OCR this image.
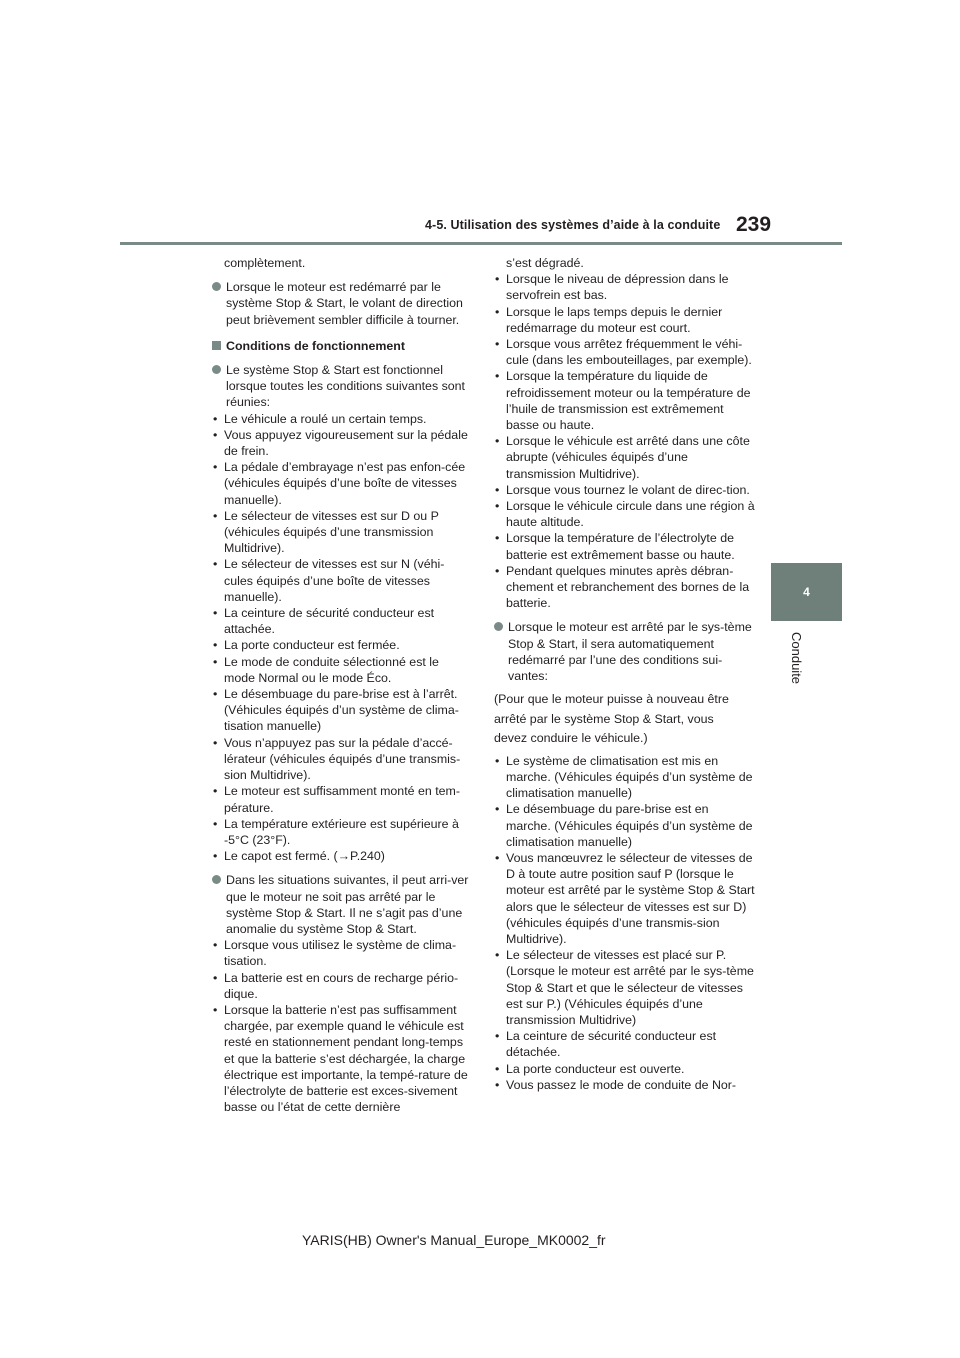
4-5. Utilisation des systèmes d’aide à la conduite 239
4
Conduite
complètement.
Lorsque le moteur est redémarré par le système Stop & Start, le volant de direction peut brièvement sembler difficile à tourner.
Conditions de fonctionnement
Le système Stop & Start est fonctionnel lorsque toutes les conditions suivantes sont réunies:
• Le véhicule a roulé un certain temps.
• Vous appuyez vigoureusement sur la pédale de frein.
• La pédale d’embrayage n’est pas enfon-cée (véhicules équipés d’une boîte de vitesses manuelle).
• Le sélecteur de vitesses est sur D ou P (véhicules équipés d’une transmission Multidrive).
• Le sélecteur de vitesses est sur N (véhi-cules équipés d’une boîte de vitesses manuelle).
• La ceinture de sécurité conducteur est attachée.
• La porte conducteur est fermée.
• Le mode de conduite sélectionné est le mode Normal ou le mode Éco.
• Le désembuage du pare-brise est à l’arrêt. (Véhicules équipés d’un système de clima-tisation manuelle)
• Vous n’appuyez pas sur la pédale d’accé-lérateur (véhicules équipés d’une transmis-sion Multidrive).
• Le moteur est suffisamment monté en tem-pérature.
• La température extérieure est supérieure à -5°C (23°F).
• Le capot est fermé. (→P.240)
Dans les situations suivantes, il peut arri-ver que le moteur ne soit pas arrêté par le système Stop & Start. Il ne s’agit pas d’une anomalie du système Stop & Start.
• Lorsque vous utilisez le système de clima-tisation.
• La batterie est en cours de recharge pério-dique.
• Lorsque la batterie n’est pas suffisamment chargée, par exemple quand le véhicule est resté en stationnement pendant long-temps et que la batterie s’est déchargée, la charge électrique est importante, la tempé-rature de l’électrolyte de batterie est exces-sivement basse ou l’état de cette dernière
s’est dégradé.
• Lorsque le niveau de dépression dans le servofrein est bas.
• Lorsque le laps temps depuis le dernier redémarrage du moteur est court.
• Lorsque vous arrêtez fréquemment le véhi-cule (dans les embouteillages, par exemple).
• Lorsque la température du liquide de refroidissement moteur ou la température de l’huile de transmission est extrêmement basse ou haute.
• Lorsque le véhicule est arrêté dans une côte abrupte (véhicules équipés d’une transmission Multidrive).
• Lorsque vous tournez le volant de direc-tion.
• Lorsque le véhicule circule dans une région à haute altitude.
• Lorsque la température de l’électrolyte de batterie est extrêmement basse ou haute.
• Pendant quelques minutes après débran-chement et rebranchement des bornes de la batterie.
Lorsque le moteur est arrêté par le sys-tème Stop & Start, il sera automatiquement redémarré par l’une des conditions sui-vantes:
(Pour que le moteur puisse à nouveau être
arrêté par le système Stop & Start, vous
devez conduire le véhicule.)
• Le système de climatisation est mis en marche. (Véhicules équipés d’un système de climatisation manuelle)
• Le désembuage du pare-brise est en marche. (Véhicules équipés d’un système de climatisation manuelle)
• Vous manœuvrez le sélecteur de vitesses de D à toute autre position sauf P (lorsque le moteur est arrêté par le système Stop & Start alors que le sélecteur de vitesses est sur D) (véhicules équipés d’une transmis-sion Multidrive).
• Le sélecteur de vitesses est placé sur P. (Lorsque le moteur est arrêté par le sys-tème Stop & Start et que le sélecteur de vitesses est sur P.) (Véhicules équipés d’une transmission Multidrive)
• La ceinture de sécurité conducteur est détachée.
• La porte conducteur est ouverte.
• Vous passez le mode de conduite de Nor-
YARIS(HB) Owner's Manual_Europe_MK0002_fr
